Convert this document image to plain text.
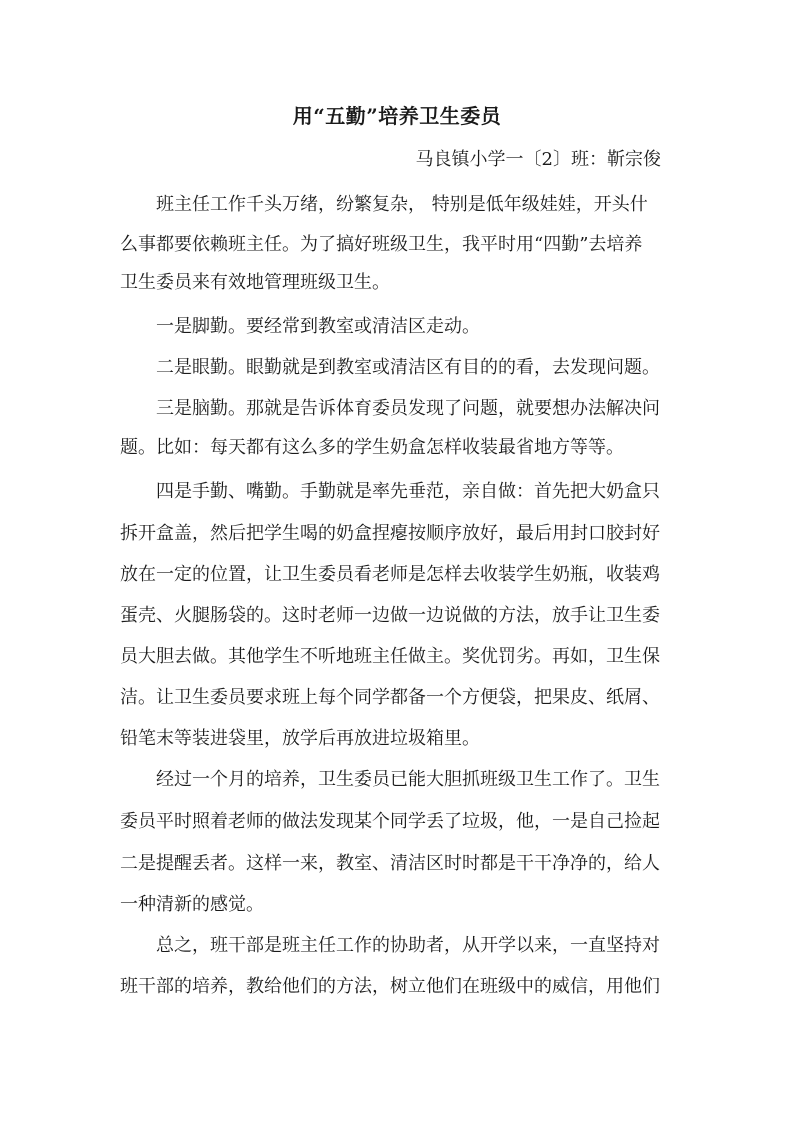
用“五勤”培养卫生委员
马良镇小学一〔2〕班：靳宗俊
班主任工作千头万绪，纷繁复杂， 特别是低年级娃娃，开头什
么事都要依赖班主任。为了搞好班级卫生，我平时用“四勤”去培养
卫生委员来有效地管理班级卫生。
一是脚勤。要经常到教室或清洁区走动。
二是眼勤。眼勤就是到教室或清洁区有目的的看，去发现问题。
三是脑勤。那就是告诉体育委员发现了问题，就要想办法解决问
题。比如：每天都有这么多的学生奶盒怎样收装最省地方等等。
四是手勤、嘴勤。手勤就是率先垂范，亲自做：首先把大奶盒只
拆开盒盖，然后把学生喝的奶盒捏瘪按顺序放好，最后用封口胶封好
放在一定的位置，让卫生委员看老师是怎样去收装学生奶瓶，收装鸡
蛋壳、火腿肠袋的。这时老师一边做一边说做的方法，放手让卫生委
员大胆去做。其他学生不听地班主任做主。奖优罚劣。再如，卫生保
洁。让卫生委员要求班上每个同学都备一个方便袋，把果皮、纸屑、
铅笔末等装进袋里，放学后再放进垃圾箱里。
经过一个月的培养，卫生委员已能大胆抓班级卫生工作了。卫生
委员平时照着老师的做法发现某个同学丢了垃圾，他，一是自己捡起
二是提醒丢者。这样一来，教室、清洁区时时都是干干净净的，给人
一种清新的感觉。
总之，班干部是班主任工作的协助者，从开学以来，一直坚持对
班干部的培养，教给他们的方法，树立他们在班级中的威信，用他们
